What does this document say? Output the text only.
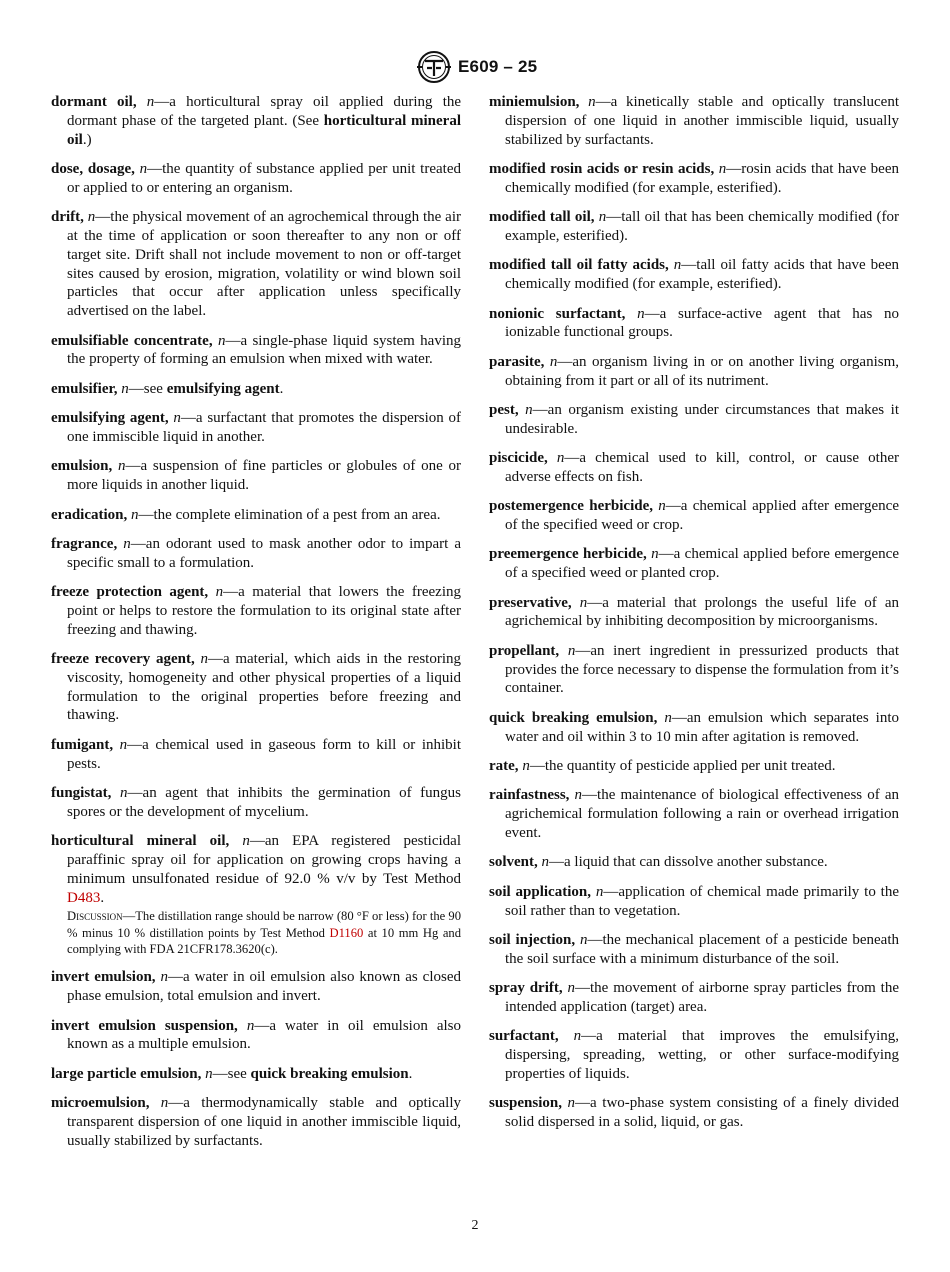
E609 – 25

dormant oil, n—a horticultural spray oil applied during the dormant phase of the targeted plant. (See horticultural mineral oil.)

dose, dosage, n—the quantity of substance applied per unit treated or applied to or entering an organism.

drift, n—the physical movement of an agrochemical through the air at the time of application or soon thereafter to any non or off target site. Drift shall not include movement to non or off-target sites caused by erosion, migration, volatility or wind blown soil particles that occur after application unless specifically advertised on the label.

emulsifiable concentrate, n—a single-phase liquid system having the property of forming an emulsion when mixed with water.

emulsifier, n—see emulsifying agent.

emulsifying agent, n—a surfactant that promotes the dispersion of one immiscible liquid in another.

emulsion, n—a suspension of fine particles or globules of one or more liquids in another liquid.

eradication, n—the complete elimination of a pest from an area.

fragrance, n—an odorant used to mask another odor to impart a specific small to a formulation.

freeze protection agent, n—a material that lowers the freezing point or helps to restore the formulation to its original state after freezing and thawing.

freeze recovery agent, n—a material, which aids in the restoring viscosity, homogeneity and other physical properties of a liquid formulation to the original properties before freezing and thawing.

fumigant, n—a chemical used in gaseous form to kill or inhibit pests.

fungistat, n—an agent that inhibits the germination of fungus spores or the development of mycelium.

horticultural mineral oil, n—an EPA registered pesticidal paraffinic spray oil for application on growing crops having a minimum unsulfonated residue of 92.0 % v/v by Test Method D483.

Discussion—The distillation range should be narrow (80 °F or less) for the 90 % minus 10 % distillation points by Test Method D1160 at 10 mm Hg and complying with FDA 21CFR178.3620(c).

invert emulsion, n—a water in oil emulsion also known as closed phase emulsion, total emulsion and invert.

invert emulsion suspension, n—a water in oil emulsion also known as a multiple emulsion.

large particle emulsion, n—see quick breaking emulsion.

microemulsion, n—a thermodynamically stable and optically transparent dispersion of one liquid in another immiscible liquid, usually stabilized by surfactants.

miniemulsion, n—a kinetically stable and optically translucent dispersion of one liquid in another immiscible liquid, usually stabilized by surfactants.

modified rosin acids or resin acids, n—rosin acids that have been chemically modified (for example, esterified).

modified tall oil, n—tall oil that has been chemically modified (for example, esterified).

modified tall oil fatty acids, n—tall oil fatty acids that have been chemically modified (for example, esterified).

nonionic surfactant, n—a surface-active agent that has no ionizable functional groups.

parasite, n—an organism living in or on another living organism, obtaining from it part or all of its nutriment.

pest, n—an organism existing under circumstances that makes it undesirable.

piscicide, n—a chemical used to kill, control, or cause other adverse effects on fish.

postemergence herbicide, n—a chemical applied after emergence of the specified weed or crop.

preemergence herbicide, n—a chemical applied before emergence of a specified weed or planted crop.

preservative, n—a material that prolongs the useful life of an agrichemical by inhibiting decomposition by microorganisms.

propellant, n—an inert ingredient in pressurized products that provides the force necessary to dispense the formulation from it’s container.

quick breaking emulsion, n—an emulsion which separates into water and oil within 3 to 10 min after agitation is removed.

rate, n—the quantity of pesticide applied per unit treated.

rainfastness, n—the maintenance of biological effectiveness of an agrichemical formulation following a rain or overhead irrigation event.

solvent, n—a liquid that can dissolve another substance.

soil application, n—application of chemical made primarily to the soil rather than to vegetation.

soil injection, n—the mechanical placement of a pesticide beneath the soil surface with a minimum disturbance of the soil.

spray drift, n—the movement of airborne spray particles from the intended application (target) area.

surfactant, n—a material that improves the emulsifying, dispersing, spreading, wetting, or other surface-modifying properties of liquids.

suspension, n—a two-phase system consisting of a finely divided solid dispersed in a solid, liquid, or gas.

2
